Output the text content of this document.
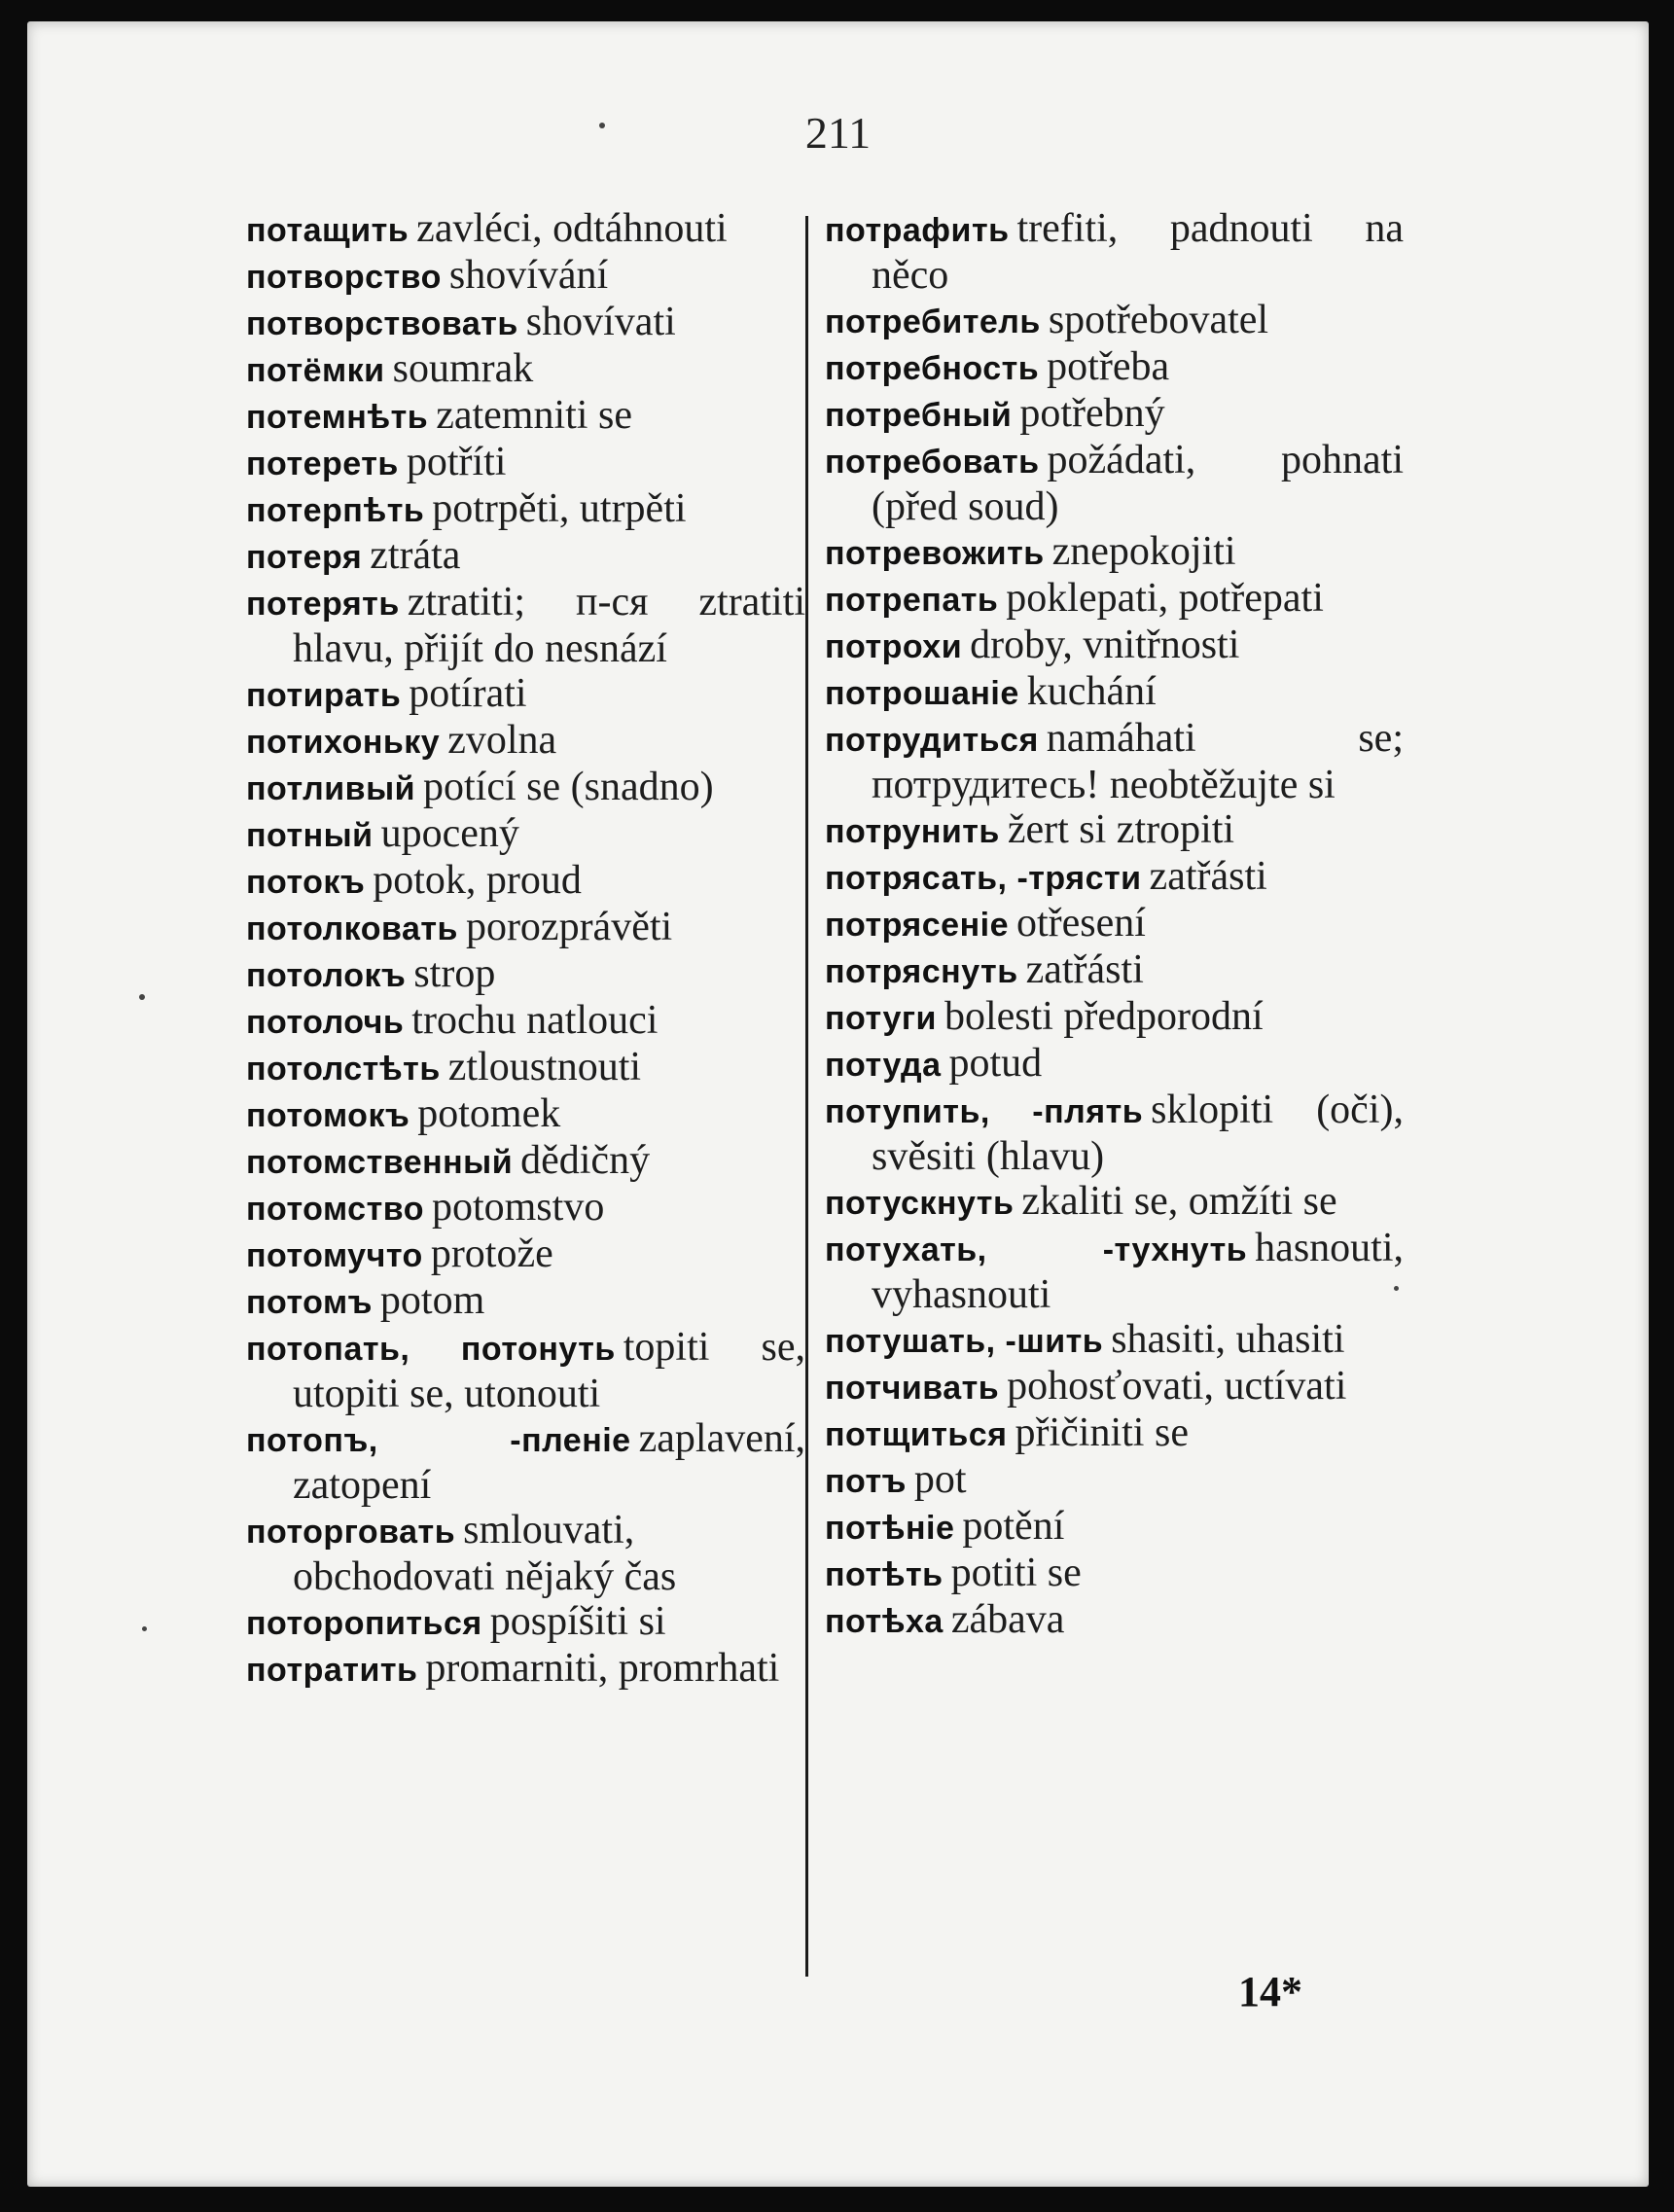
211
потащить zavléci, odtáhnouti
потворство shovívání
потворствовать shovívati
потёмки soumrak
потемнѣть zatemniti se
потереть potříti
потерпѣть potrpěti, utrpěti
потеря ztráta
потерять ztratiti; п-ся ztratiti hlavu, přijít do nesnází
потирать potírati
потихоньку zvolna
потливый potící se (snadno)
потный upocený
потокъ potok, proud
потолковать porozprávěti
потолокъ strop
потолочь trochu natlouci
потолстѣть ztloustnouti
потомокъ potomek
потомственный dědičný
потомство potomstvo
потомучто protože
потомъ potom
потопать, потонуть topiti se, utopiti se, utonouti
потопъ, -пленіе zaplavení, zatopení
поторговать smlouvati, obchodovati nějaký čas
поторопиться pospíšiti si
потратить promarniti, promrhati
потрафить trefiti, padnouti na něco
потребитель spotřebovatel
потребность potřeba
потребный potřebný
потребовать požádati, pohnati (před soud)
потревожить znepokojiti
потрепать poklepati, potřepati
потрохи droby, vnitřnosti
потрошаніе kuchání
потрудиться namáhati se; потрудитесь! neobtěžujte si
потрунить žert si ztropiti
потрясать, -трясти zatřásti
потрясеніе otřesení
потряснуть zatřásti
потуги bolesti předporodní
потуда potud
потупить, -плять sklopiti (oči), svěsiti (hlavu)
потускнуть zkaliti se, omžíti se
потухать, -тухнуть hasnouti, vyhasnouti
потушать, -шить shasiti, uhasiti
потчивать pohosťovati, uctívati
потщиться přičiniti se
потъ pot
потѣніе potění
потѣть potiti se
потѣха zábava
14*
